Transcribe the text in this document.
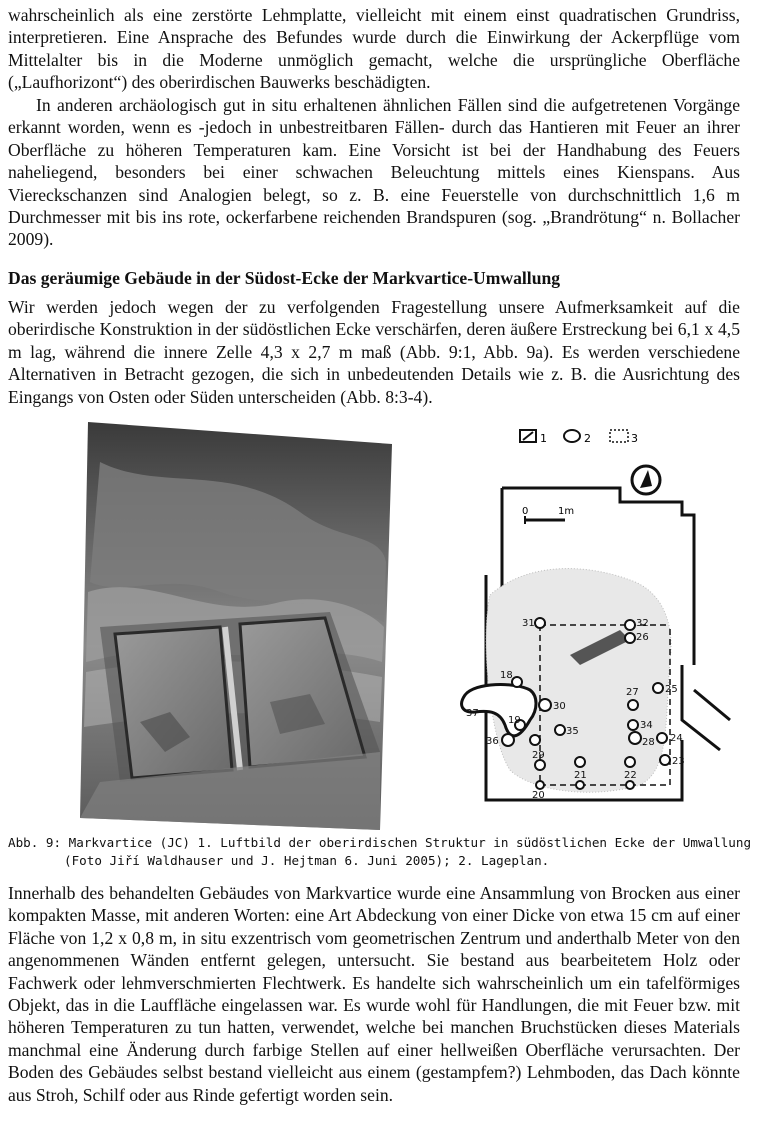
wahrscheinlich als eine zerstörte Lehmplatte, vielleicht mit einem einst quadratischen Grundriss, interpretieren. Eine Ansprache des Befundes wurde durch die Einwirkung der Ackerpflüge vom Mittelalter bis in die Moderne unmöglich gemacht, welche die ursprüngliche Oberfläche („Laufhorizont“) des oberirdischen Bauwerks beschädigten.

In anderen archäologisch gut in situ erhaltenen ähnlichen Fällen sind die aufgetretenen Vorgänge erkannt worden, wenn es -jedoch in unbestreitbaren Fällen- durch das Hantieren mit Feuer an ihrer Oberfläche zu höheren Temperaturen kam. Eine Vorsicht ist bei der Handhabung des Feuers naheliegend, besonders bei einer schwachen Beleuchtung mittels eines Kienspans. Aus Viereckschanzen sind Analogien belegt, so z. B. eine Feuerstelle von durchschnittlich 1,6 m Durchmesser mit bis ins rote, ockerfarbene reichenden Brandspuren (sog. „Brandrötung“ n. Bollacher 2009).

Das geräumige Gebäude in der Südost-Ecke der Markvartice-Umwallung

Wir werden jedoch wegen der zu verfolgenden Fragestellung unsere Aufmerksamkeit auf die oberirdische Konstruktion in der südöstlichen Ecke verschärfen, deren äußere Erstreckung bei 6,1 x 4,5 m lag, während die innere Zelle 4,3 x 2,7 m maß (Abb. 9:1, Abb. 9a). Es werden verschiedene Alternativen in Betracht gezogen, die sich in unbedeutenden Details wie z. B. die Ausrichtung des Eingangs von Osten oder Süden unterscheiden (Abb. 8:3-4).

1	2	3
0	1m
31	32
26
18
27	25
37
19
30
35
34
36	28 24
29
23
21	22
20
Abb. 9: Markvartice (JC) 1. Luftbild der oberirdischen Struktur in südöstlichen Ecke der Umwallung
(Foto Jiří Waldhauser und J. Hejtman 6. Juni 2005); 2. Lageplan.

Innerhalb des behandelten Gebäudes von Markvartice wurde eine Ansammlung von Brocken aus einer kompakten Masse, mit anderen Worten: eine Art Abdeckung von einer Dicke von etwa 15 cm auf einer Fläche von 1,2 x 0,8 m, in situ exzentrisch vom geometrischen Zentrum und anderthalb Meter von den angenommenen Wänden entfernt gelegen, untersucht. Sie bestand aus bearbeitetem Holz oder Fachwerk oder lehmverschmierten Flechtwerk. Es handelte sich wahrscheinlich um ein tafelförmiges Objekt, das in die Lauffläche eingelassen war. Es wurde wohl für Handlungen, die mit Feuer bzw. mit höheren Temperaturen zu tun hatten, verwendet, welche bei manchen Bruchstücken dieses Materials manchmal eine Änderung durch farbige Stellen auf einer hellweißen Oberfläche verursachten. Der Boden des Gebäudes selbst bestand vielleicht aus einem (gestampfem?) Lehmboden, das Dach könnte aus Stroh, Schilf oder aus Rinde gefertigt worden sein.
